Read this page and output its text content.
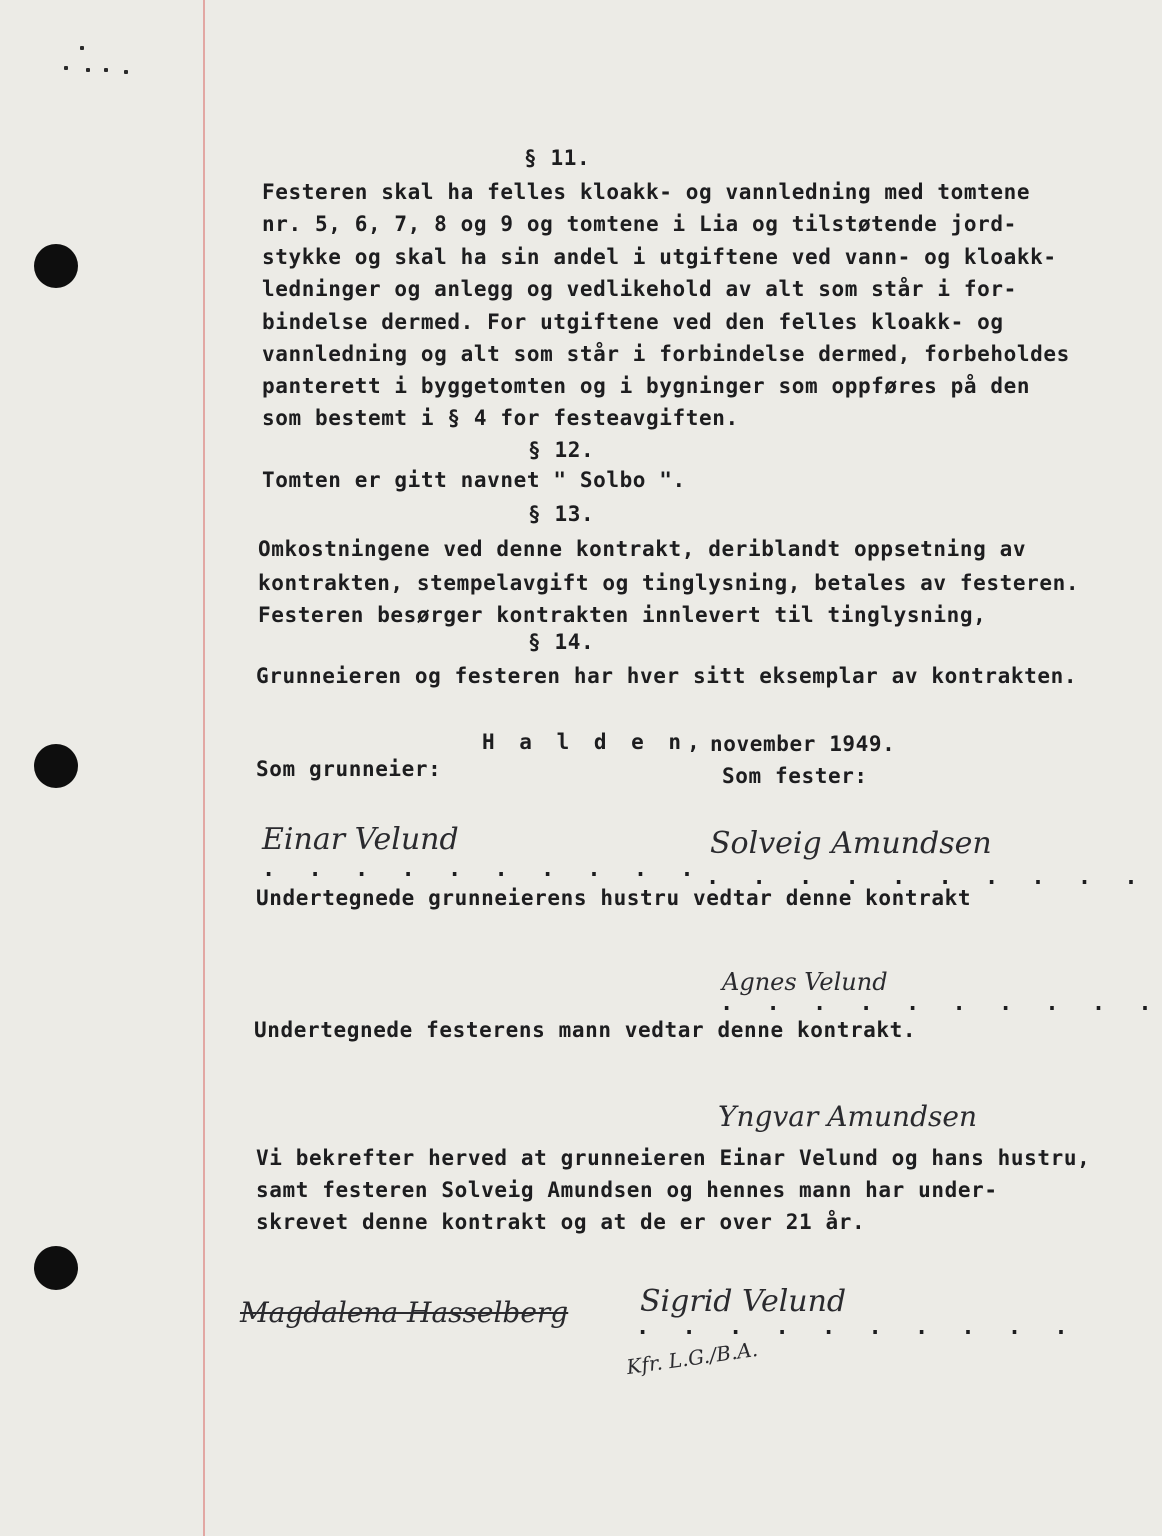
§ 11.
Festeren skal ha felles kloakk- og vannledning med tomtene
nr. 5, 6, 7, 8 og 9 og tomtene i Lia og tilstøtende jord-
stykke og skal ha sin andel i utgiftene ved vann- og kloakk-
ledninger og anlegg og vedlikehold av alt som står i for-
bindelse dermed. For utgiftene ved den felles kloakk- og
vannledning og alt som står i forbindelse dermed, forbeholdes
panterett i byggetomten og i bygninger som oppføres på den
som bestemt i § 4 for festeavgiften.
§ 12.
Tomten er gitt navnet " Solbo ".
§ 13.
Omkostningene ved denne kontrakt, deriblandt oppsetning av
kontrakten, stempelavgift og tinglysning, betales av festeren.
Festeren besørger kontrakten innlevert til tinglysning,
§ 14.
Grunneieren og festeren har hver sitt eksemplar av kontrakten.
H a l d e n, november 1949.
Som grunneier:	Som fester:
Einar Velund	Solveig Amundsen
. . . . . . . . . . . . . . . . . . . .
Undertegnede grunneierens hustru vedtar denne kontrakt
Agnes Velund
. . . . . . . . . .
Undertegnede festerens mann vedtar denne kontrakt.
Yngvar Amundsen
Vi bekrefter herved at grunneieren Einar Velund og hans hustru,
samt festeren Solveig Amundsen og hennes mann har under-
skrevet denne kontrakt og at de er over 21 år.
Magdalena Hasselberg Sigrid Velund
. . . . . . . . . .
Kfr. L.G./B.A.
